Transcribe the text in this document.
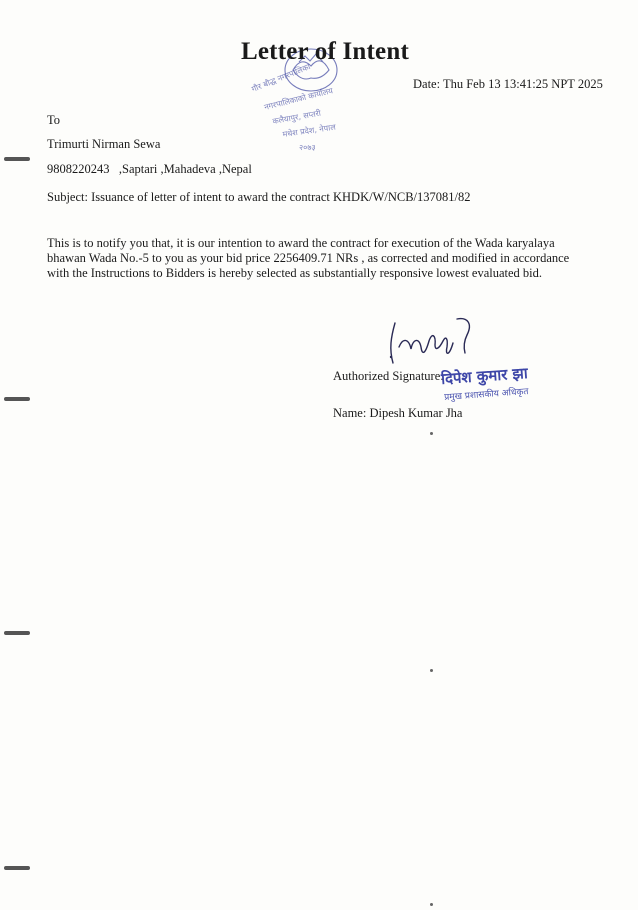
गौर बौद्ध नगरपालिका
नगरपालिकाको कार्यालय
कलैयापुर, सप्तरी
मधेश प्रदेश, नेपाल
२०७३
Letter of Intent
Date: Thu Feb 13 13:41:25 NPT 2025
To
Trimurti Nirman Sewa
9808220243   ,Saptari ,Mahadeva ,Nepal
Subject: Issuance of letter of intent to award the contract KHDK/W/NCB/137081/82
This is to notify you that, it is our intention to award the contract for execution of the Wada karyalaya bhawan Wada No.-5 to you as your bid price 2256409.71 NRs , as corrected and modified in accordance with the Instructions to Bidders is hereby selected as substantially responsive lowest evaluated bid.
Authorized Signature:
दिपेश कुमार झा
प्रमुख प्रशासकीय अधिकृत
Name: Dipesh Kumar Jha
